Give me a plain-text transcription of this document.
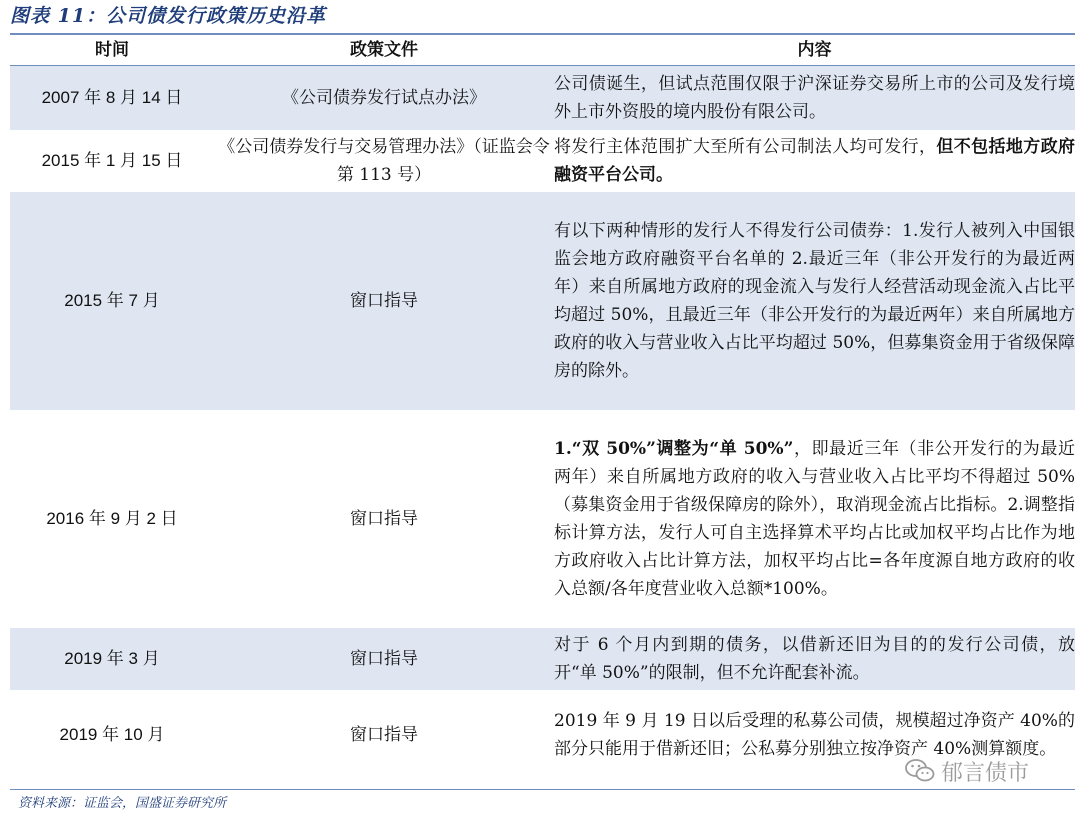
图表 11：公司债发行政策历史沿革
时间	政策文件	内容
2007 年 8 月 14 日	《公司债券发行试点办法》	公司债诞生，但试点范围仅限于沪深证券交易所上市的公司及发行境外上市外资股的境内股份有限公司。
2015 年 1 月 15 日	《公司债券发行与交易管理办法》（证监会令第 113 号）	将发行主体范围扩大至所有公司制法人均可发行，但不包括地方政府融资平台公司。
2015 年 7 月	窗口指导	有以下两种情形的发行人不得发行公司债券：1.发行人被列入中国银监会地方政府融资平台名单的 2.最近三年（非公开发行的为最近两年）来自所属地方政府的现金流入与发行人经营活动现金流入占比平均超过 50%，且最近三年（非公开发行的为最近两年）来自所属地方政府的收入与营业收入占比平均超过 50%，但募集资金用于省级保障房的除外。
2016 年 9 月 2 日	窗口指导	1.“双 50%”调整为“单 50%”，即最近三年（非公开发行的为最近两年）来自所属地方政府的收入与营业收入占比平均不得超过 50%（募集资金用于省级保障房的除外），取消现金流占比指标。2.调整指标计算方法，发行人可自主选择算术平均占比或加权平均占比作为地方政府收入占比计算方法，加权平均占比=各年度源自地方政府的收入总额/各年度营业收入总额*100%。
2019 年 3 月	窗口指导	对于 6 个月内到期的债务，以借新还旧为目的的发行公司债，放开“单 50%”的限制，但不允许配套补流。
2019 年 10 月	窗口指导	2019 年 9 月 19 日以后受理的私募公司债，规模超过净资产 40%的部分只能用于借新还旧；公私募分别独立按净资产 40%测算额度。
郁言债市
资料来源：证监会，国盛证券研究所
